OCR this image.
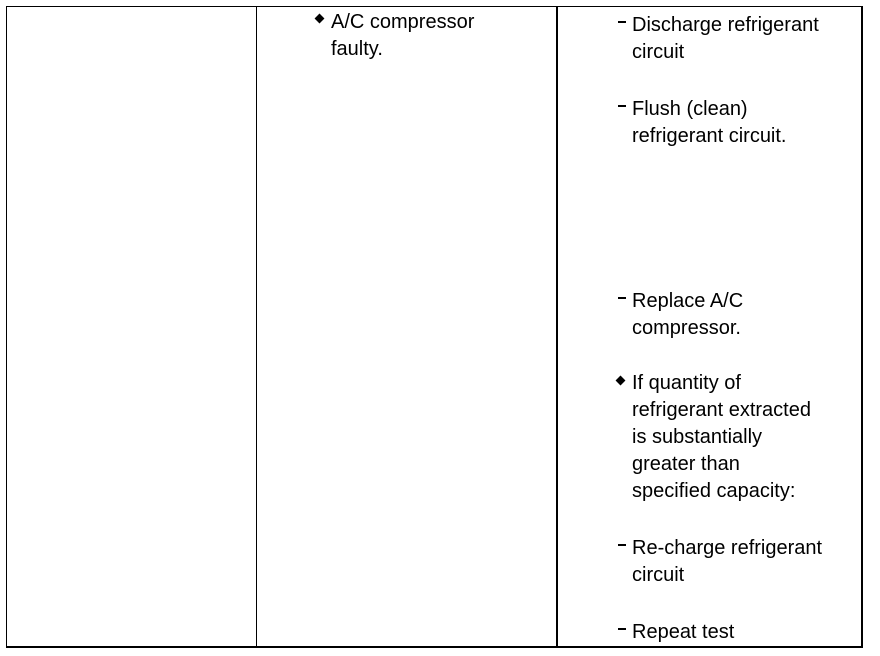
A/C compressor
faulty.
Discharge refrigerant
circuit
Flush (clean)
refrigerant circuit.
Replace A/C
compressor.
If quantity of
refrigerant extracted
is substantially
greater than
specified capacity:
Re-charge refrigerant
circuit
Repeat test
